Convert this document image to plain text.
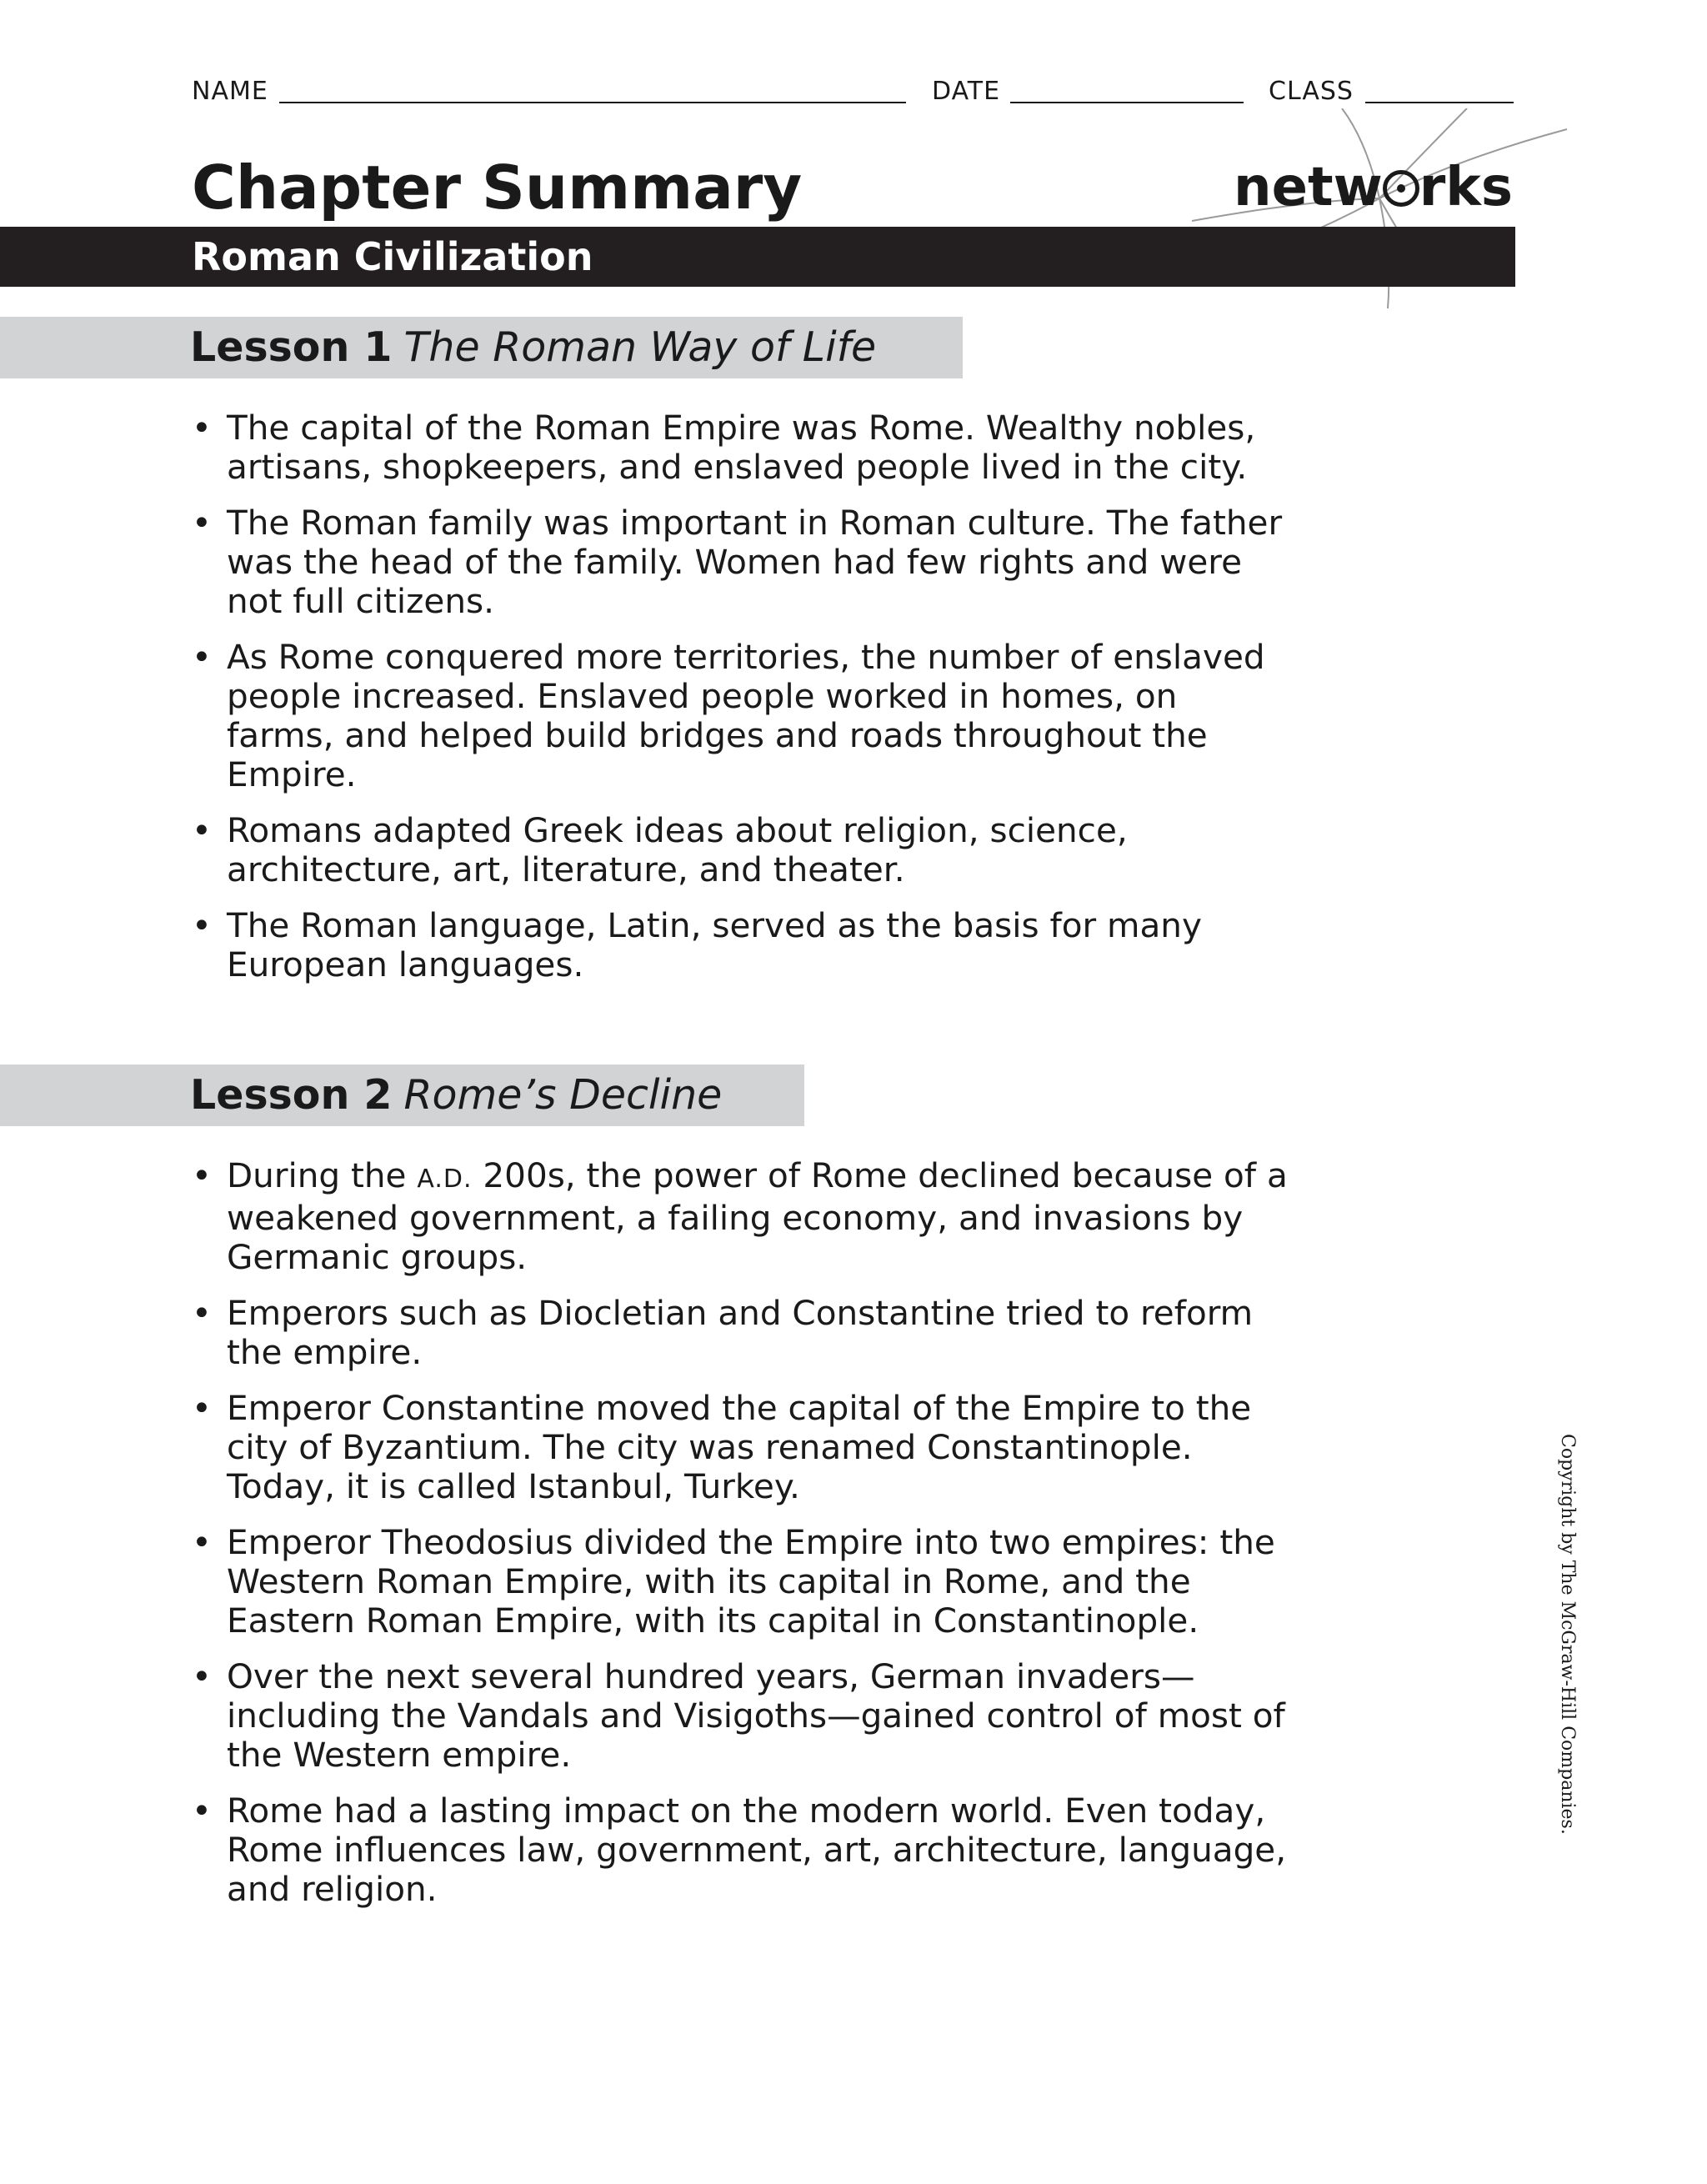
NAME	DATE	CLASS
Chapter Summary	netw rks
Roman Civilization
Lesson 1 The Roman Way of Life
• The capital of the Roman Empire was Rome. Wealthy nobles, artisans, shopkeepers, and enslaved people lived in the city.
• The Roman family was important in Roman culture. The father was the head of the family. Women had few rights and were not full citizens.
• As Rome conquered more territories, the number of enslaved people increased. Enslaved people worked in homes, on farms, and helped build bridges and roads throughout the Empire.
• Romans adapted Greek ideas about religion, science, architecture, art, literature, and theater.
• The Roman language, Latin, served as the basis for many European languages.
Lesson 2 Rome’s Decline
• During the A.D. 200s, the power of Rome declined because of a weakened government, a failing economy, and invasions by Germanic groups.
• Emperors such as Diocletian and Constantine tried to reform the empire.
• Emperor Constantine moved the capital of the Empire to the city of Byzantium. The city was renamed Constantinople. Today, it is called Istanbul, Turkey.
• Emperor Theodosius divided the Empire into two empires: the Western Roman Empire, with its capital in Rome, and the Eastern Roman Empire, with its capital in Constantinople.
• Over the next several hundred years, German invaders—including the Vandals and Visigoths—gained control of most of the Western empire.
• Rome had a lasting impact on the modern world. Even today, Rome influences law, government, art, architecture, language, and religion.
Copyright by The McGraw-Hill Companies.
